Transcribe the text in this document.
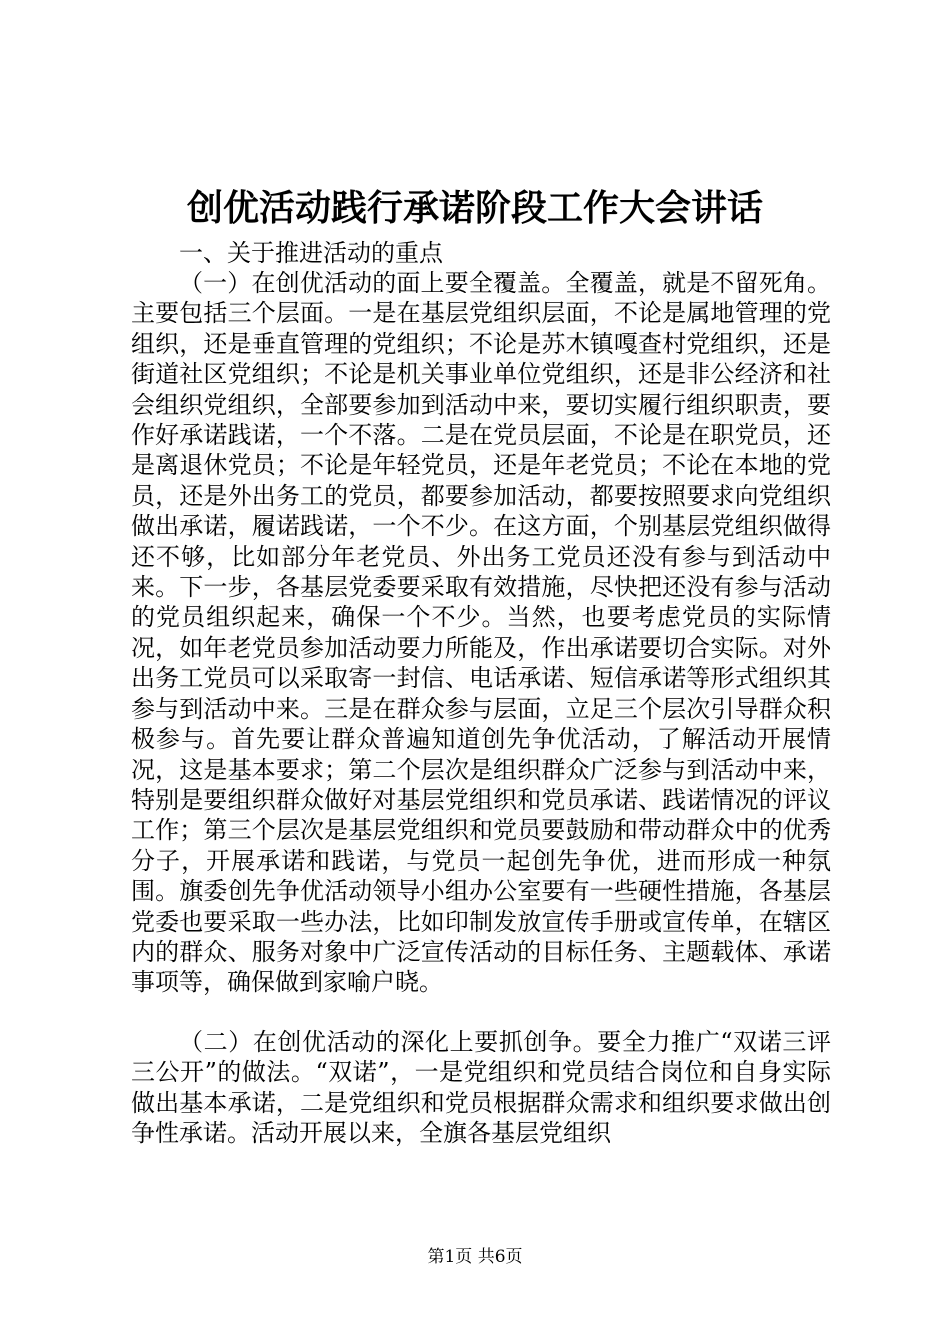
创优活动践行承诺阶段工作大会讲话

一、关于推进活动的重点

（一）在创优活动的面上要全覆盖。全覆盖，就是不留死角。主要包括三个层面。一是在基层党组织层面，不论是属地管理的党组织，还是垂直管理的党组织；不论是苏木镇嘎查村党组织，还是街道社区党组织；不论是机关事业单位党组织，还是非公经济和社会组织党组织，全部要参加到活动中来，要切实履行组织职责，要作好承诺践诺，一个不落。二是在党员层面，不论是在职党员，还是离退休党员；不论是年轻党员，还是年老党员；不论在本地的党员，还是外出务工的党员，都要参加活动，都要按照要求向党组织做出承诺，履诺践诺，一个不少。在这方面，个别基层党组织做得还不够，比如部分年老党员、外出务工党员还没有参与到活动中来。下一步，各基层党委要采取有效措施，尽快把还没有参与活动的党员组织起来，确保一个不少。当然，也要考虑党员的实际情况，如年老党员参加活动要力所能及，作出承诺要切合实际。对外出务工党员可以采取寄一封信、电话承诺、短信承诺等形式组织其参与到活动中来。三是在群众参与层面，立足三个层次引导群众积极参与。首先要让群众普遍知道创先争优活动，了解活动开展情况，这是基本要求；第二个层次是组织群众广泛参与到活动中来，特别是要组织群众做好对基层党组织和党员承诺、践诺情况的评议工作；第三个层次是基层党组织和党员要鼓励和带动群众中的优秀分子，开展承诺和践诺，与党员一起创先争优，进而形成一种氛围。旗委创先争优活动领导小组办公室要有一些硬性措施，各基层党委也要采取一些办法，比如印制发放宣传手册或宣传单，在辖区内的群众、服务对象中广泛宣传活动的目标任务、主题载体、承诺事项等，确保做到家喻户晓。

（二）在创优活动的深化上要抓创争。要全力推广“双诺三评三公开”的做法。“双诺”，一是党组织和党员结合岗位和自身实际做出基本承诺，二是党组织和党员根据群众需求和组织要求做出创争性承诺。活动开展以来，全旗各基层党组织

第1页 共6页
